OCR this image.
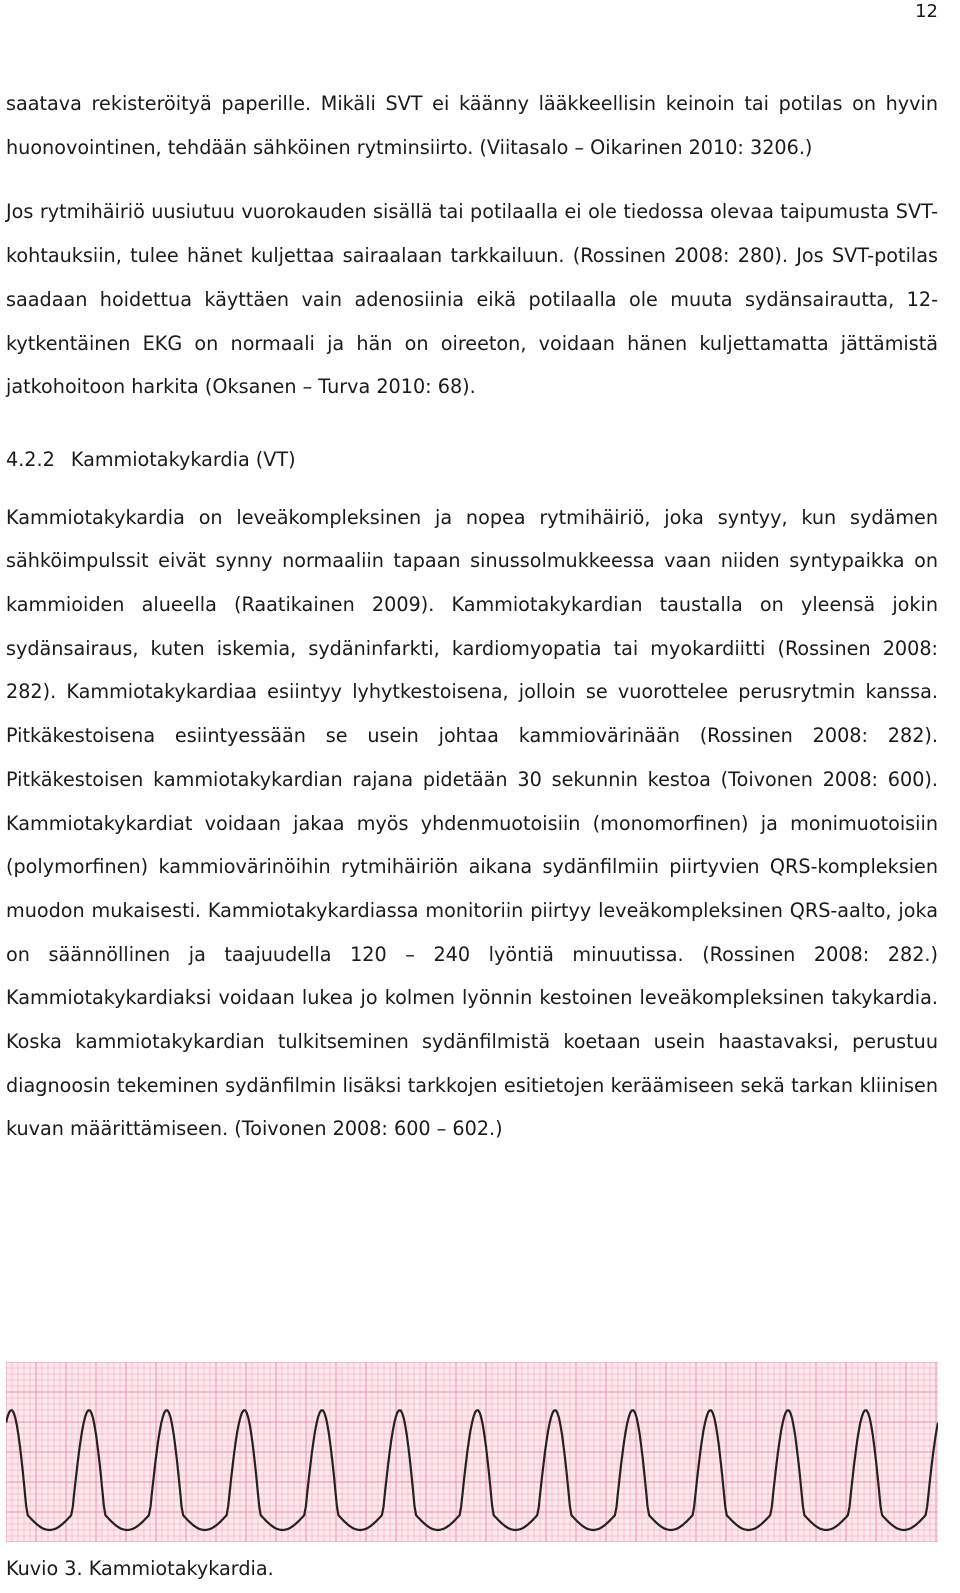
12

saatava rekisteröityä paperille. Mikäli SVT ei käänny lääkkeellisin keinoin tai potilas on hyvin huonovointinen, tehdään sähköinen rytminsiirto. (Viitasalo – Oikarinen 2010: 3206.)

Jos rytmihäiriö uusiutuu vuorokauden sisällä tai potilaalla ei ole tiedossa olevaa taipumusta SVT-kohtauksiin, tulee hänet kuljettaa sairaalaan tarkkailuun. (Rossinen 2008: 280). Jos SVT-potilas saadaan hoidettua käyttäen vain adenosiinia eikä potilaalla ole muuta sydänsairautta, 12-kytkentäinen EKG on normaali ja hän on oireeton, voidaan hänen kuljettamatta jättämistä jatkohoitoon harkita (Oksanen – Turva 2010: 68).

4.2.2 Kammiotakykardia (VT)

Kammiotakykardia on leveäkompleksinen ja nopea rytmihäiriö, joka syntyy, kun sydämen sähköimpulssit eivät synny normaaliin tapaan sinussolmukkeessa vaan niiden syntypaikka on kammioiden alueella (Raatikainen 2009). Kammiotakykardian taustalla on yleensä jokin sydänsairaus, kuten iskemia, sydäninfarkti, kardiomyopatia tai myokardiitti (Rossinen 2008: 282). Kammiotakykardiaa esiintyy lyhytkestoisena, jolloin se vuorottelee perusrytmin kanssa. Pitkäkestoisena esiintyessään se usein johtaa kammiovärinään (Rossinen 2008: 282). Pitkäkestoisen kammiotakykardian rajana pidetään 30 sekunnin kestoa (Toivonen 2008: 600). Kammiotakykardiat voidaan jakaa myös yhdenmuotoisiin (monomorfinen) ja monimuotoisiin (polymorfinen) kammiovärinöihin rytmihäiriön aikana sydänfilmiin piirtyvien QRS-kompleksien muodon mukaisesti. Kammiotakykardiassa monitoriin piirtyy leveäkompleksinen QRS-aalto, joka on säännöllinen ja taajuudella 120 – 240 lyöntiä minuutissa. (Rossinen 2008: 282.) Kammiotakykardiaksi voidaan lukea jo kolmen lyönnin kestoinen leveäkompleksinen takykardia. Koska kammiotakykardian tulkitseminen sydänfilmistä koetaan usein haastavaksi, perustuu diagnoosin tekeminen sydänfilmin lisäksi tarkkojen esitietojen keräämiseen sekä tarkan kliinisen kuvan määrittämiseen. (Toivonen 2008: 600 – 602.)

Kuvio 3. Kammiotakykardia.
